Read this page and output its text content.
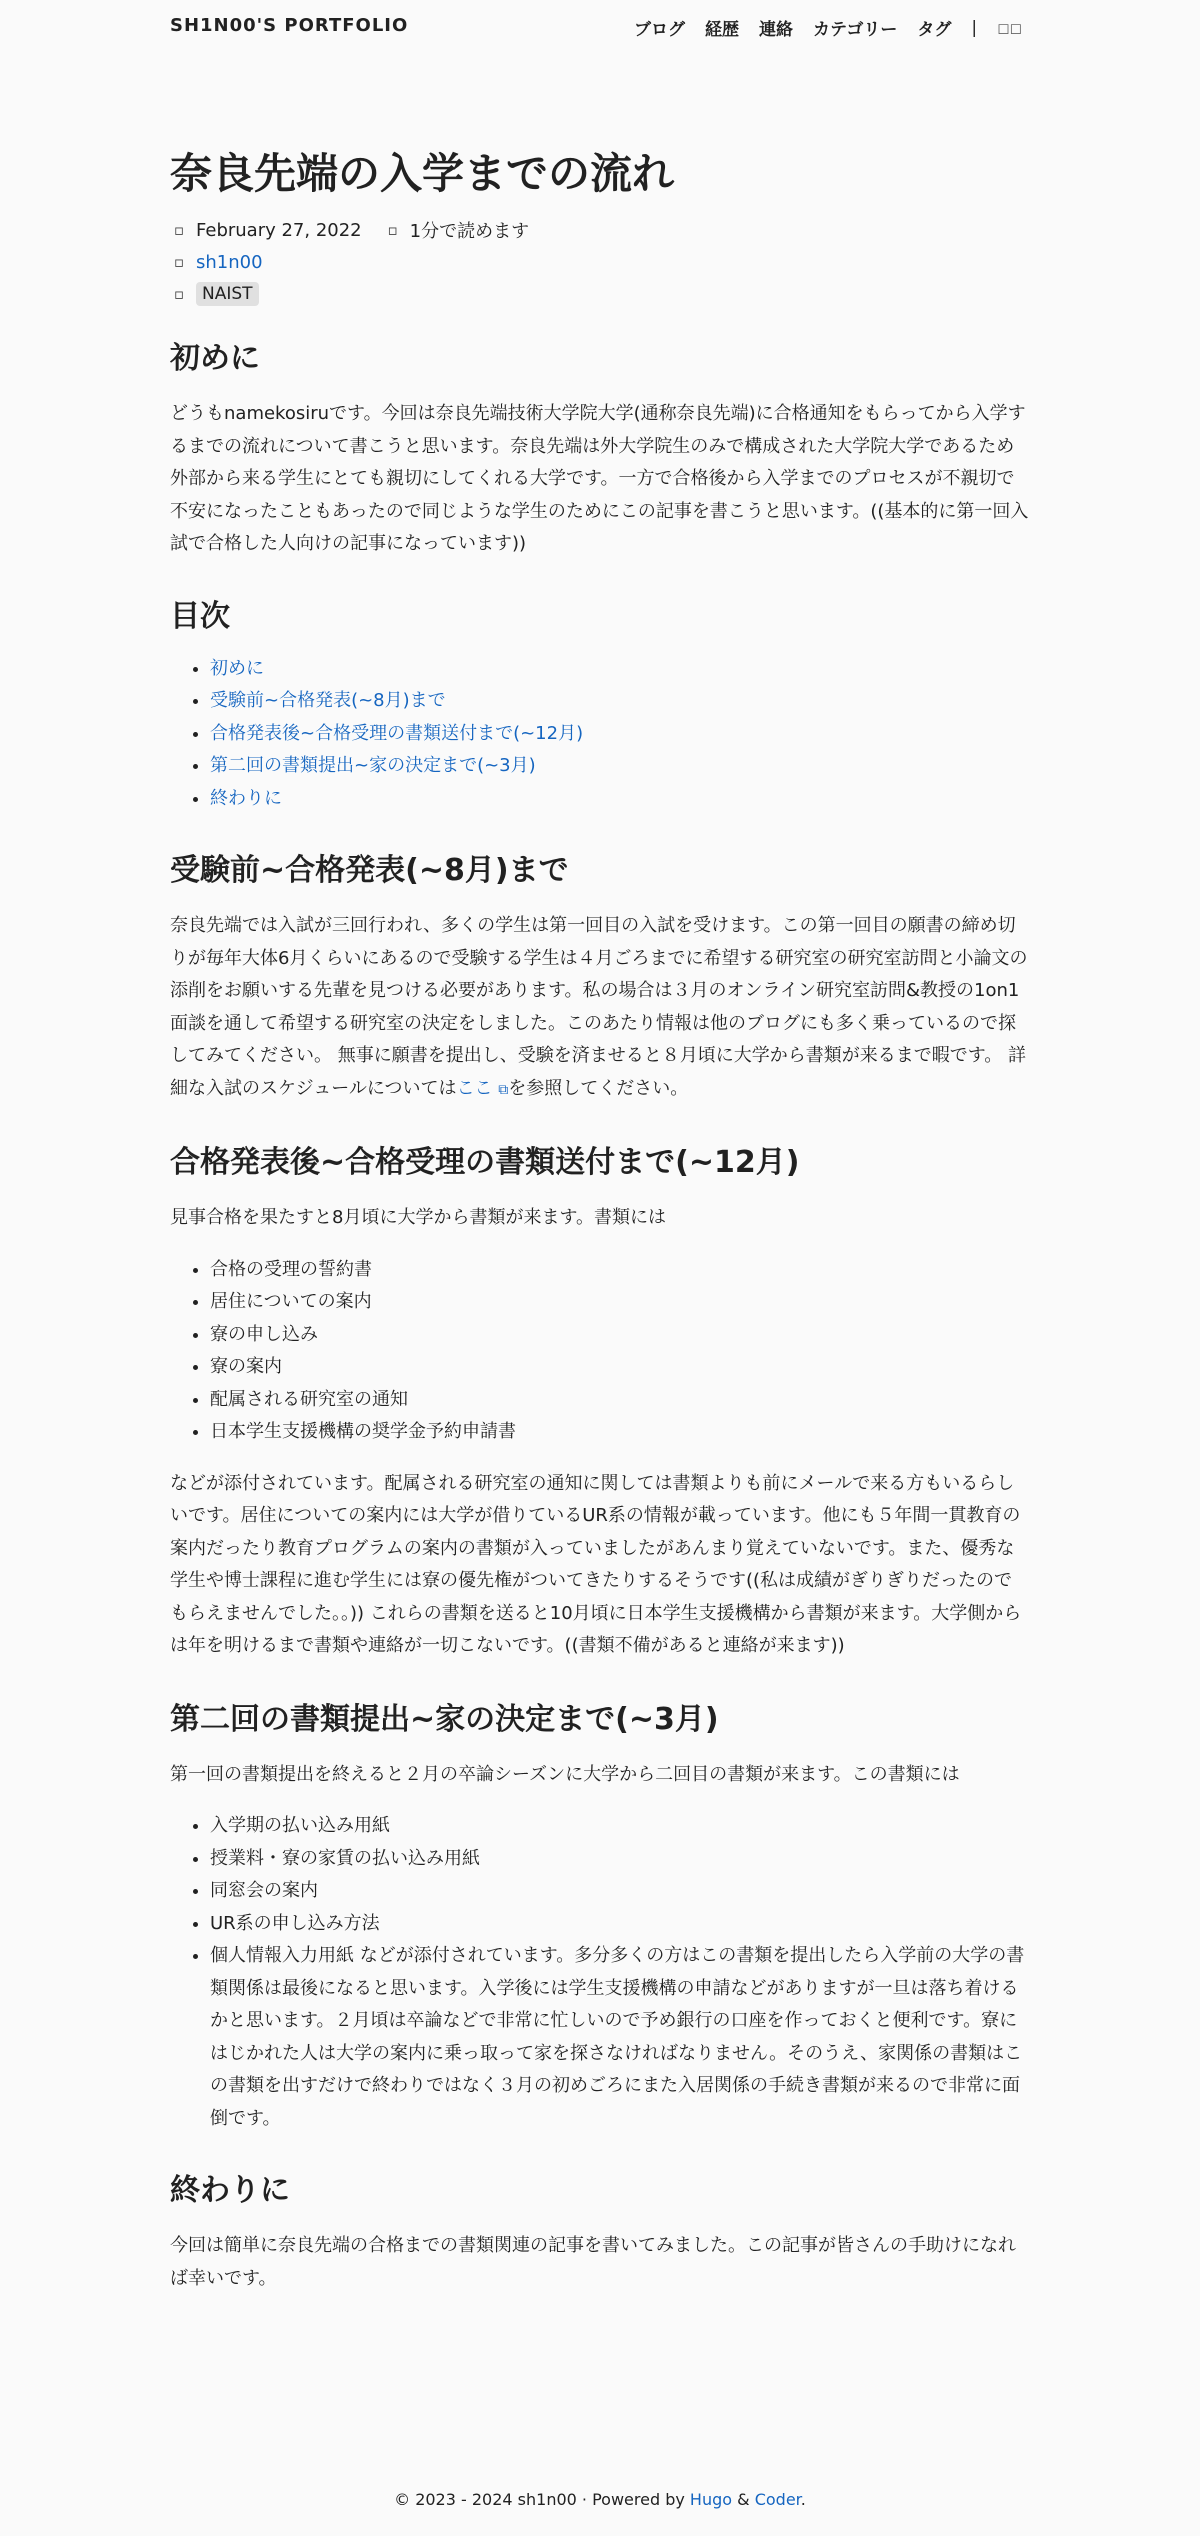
SH1N00'S PORTFOLIO	ブログ 経歴 連絡 カテゴリー タグ | ◻◻
奈良先端の入学までの流れ
▫ February 27, 2022 ▫ 1分で読めます
▫ sh1n00
▫	NAIST
初めに

どうもnamekosiruです。今回は奈良先端技術大学院大学(通称奈良先端)に合格通知をもらってから入学するまでの流れについて書こうと思います。奈良先端は外大学院生のみで構成された大学院大学であるため外部から来る学生にとても親切にしてくれる大学です。一方で合格後から入学までのプロセスが不親切で不安になったこともあったので同じような学生のためにこの記事を書こうと思います。((基本的に第一回入試で合格した人向けの記事になっています))

目次
• 初めに
• 受験前~合格発表(~8月)まで
• 合格発表後~合格受理の書類送付まで(~12月)
• 第二回の書類提出~家の決定まで(~3月)
• 終わりに
受験前~合格発表(~8月)まで

奈良先端では入試が三回行われ、多くの学生は第一回目の入試を受けます。この第一回目の願書の締め切りが毎年大体6月くらいにあるので受験する学生は４月ごろまでに希望する研究室の研究室訪問と小論文の添削をお願いする先輩を見つける必要があります。私の場合は３月のオンライン研究室訪問&教授の1on1面談を通して希望する研究室の決定をしました。このあたり情報は他のブログにも多く乗っているので探してみてください。 無事に願書を提出し、受験を済ませると８月頃に大学から書類が来るまで暇です。 詳細な入試のスケジュールについてはここ ⧉を参照してください。

合格発表後~合格受理の書類送付まで(~12月)

見事合格を果たすと8月頃に大学から書類が来ます。書類には

• 合格の受理の誓約書
• 居住についての案内
• 寮の申し込み
• 寮の案内
• 配属される研究室の通知
• 日本学生支援機構の奨学金予約申請書

などが添付されています。配属される研究室の通知に関しては書類よりも前にメールで来る方もいるらしいです。居住についての案内には大学が借りているUR系の情報が載っています。他にも５年間一貫教育の案内だったり教育プログラムの案内の書類が入っていましたがあんまり覚えていないです。また、優秀な学生や博士課程に進む学生には寮の優先権がついてきたりするそうです((私は成績がぎりぎりだったのでもらえませんでした。。)) これらの書類を送ると10月頃に日本学生支援機構から書類が来ます。大学側からは年を明けるまで書類や連絡が一切こないです。((書類不備があると連絡が来ます))

第二回の書類提出~家の決定まで(~3月)

第一回の書類提出を終えると２月の卒論シーズンに大学から二回目の書類が来ます。この書類には

• 入学期の払い込み用紙
• 授業料・寮の家賃の払い込み用紙
• 同窓会の案内
• UR系の申し込み方法
• 個人情報入力用紙 などが添付されています。多分多くの方はこの書類を提出したら入学前の大学の書類関係は最後になると思います。入学後には学生支援機構の申請などがありますが一旦は落ち着けるかと思います。２月頃は卒論などで非常に忙しいので予め銀行の口座を作っておくと便利です。寮にはじかれた人は大学の案内に乗っ取って家を探さなければなりません。そのうえ、家関係の書類はこの書類を出すだけで終わりではなく３月の初めごろにまた入居関係の手続き書類が来るので非常に面倒です。
終わりに

今回は簡単に奈良先端の合格までの書類関連の記事を書いてみました。この記事が皆さんの手助けになれば幸いです。

© 2023 - 2024 sh1n00 · Powered by Hugo & Coder.
